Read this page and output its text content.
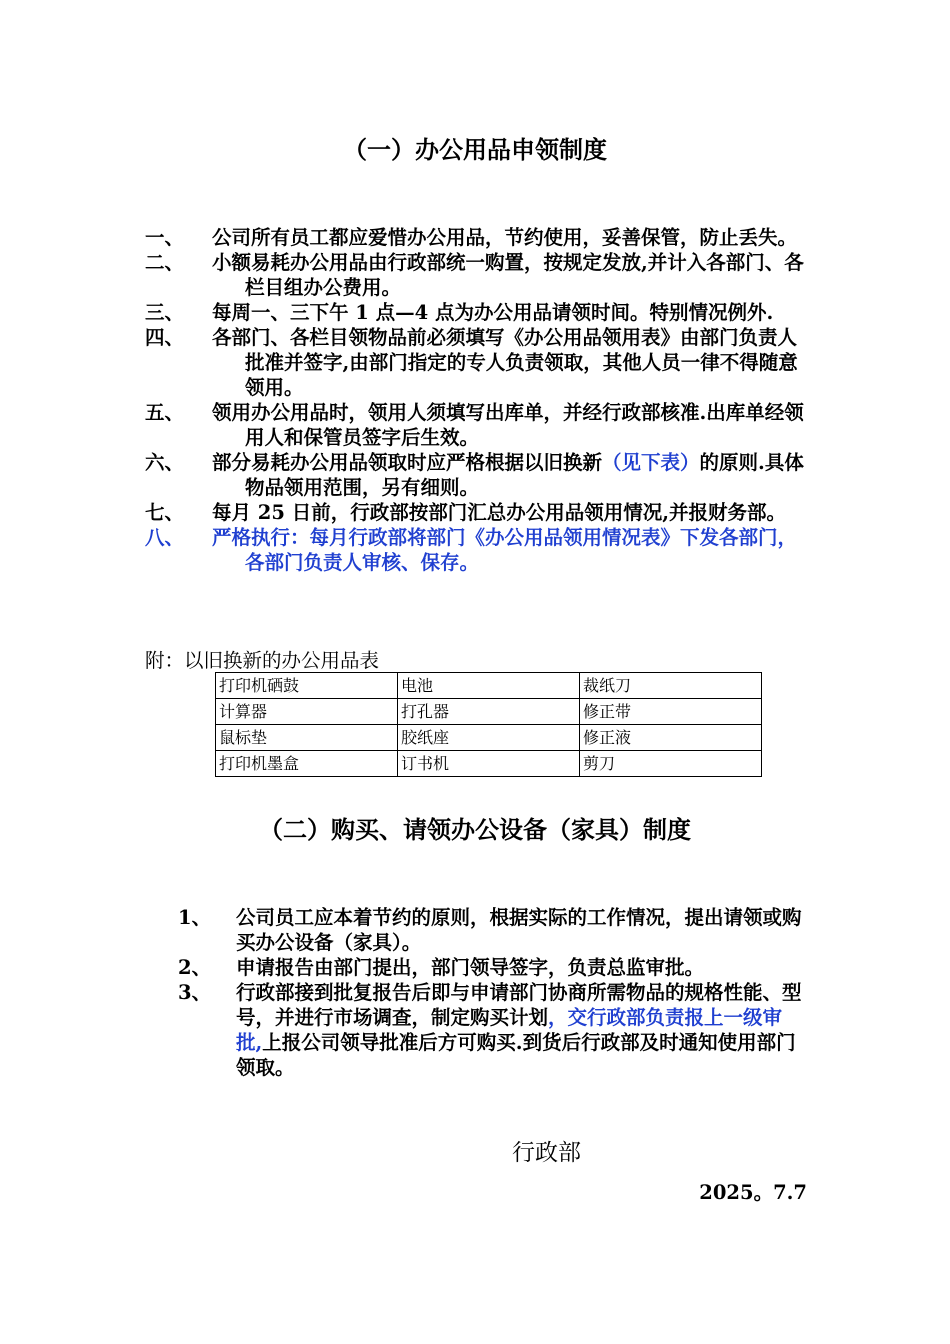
（一）办公用品申领制度
一、	公司所有员工都应爱惜办公用品，节约使用，妥善保管，防止丢失。
二、	小额易耗办公用品由行政部统一购置，按规定发放,并计入各部门、各栏目组办公费用。
三、	每周一、三下午 1 点—4 点为办公用品请领时间。特别情况例外.
四、	各部门、各栏目领物品前必须填写《办公用品领用表》由部门负责人批准并签字,由部门指定的专人负责领取，其他人员一律不得随意领用。
五、	领用办公用品时，领用人须填写出库单，并经行政部核准.出库单经领用人和保管员签字后生效。
六、	部分易耗办公用品领取时应严格根据以旧换新（见下表）的原则.具体物品领用范围，另有细则。
七、	每月 25 日前，行政部按部门汇总办公用品领用情况,并报财务部。
八、	严格执行：每月行政部将部门《办公用品领用情况表》下发各部门，各部门负责人审核、保存。
附：以旧换新的办公用品表
打印机硒鼓	电池	裁纸刀
计算器	打孔器	修正带
鼠标垫	胶纸座	修正液
打印机墨盒	订书机	剪刀
（二）购买、请领办公设备（家具）制度
1、	公司员工应本着节约的原则，根据实际的工作情况，提出请领或购买办公设备（家具）。
2、	申请报告由部门提出，部门领导签字，负责总监审批。
3、	行政部接到批复报告后即与申请部门协商所需物品的规格性能、型号，并进行市场调查，制定购买计划，交行政部负责报上一级审批,上报公司领导批准后方可购买.到货后行政部及时通知使用部门领取。
行政部
2025。7.7
